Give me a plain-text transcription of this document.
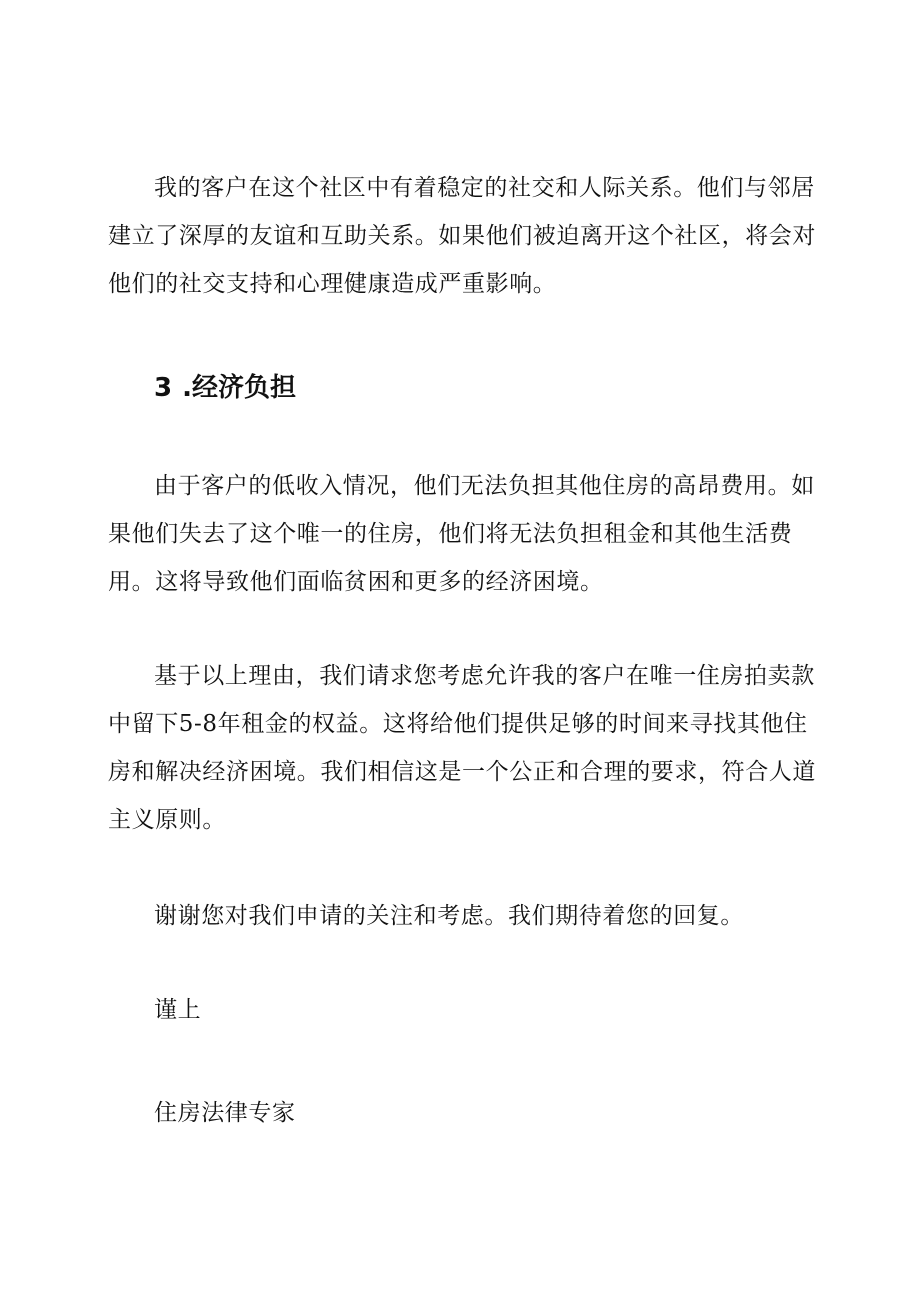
我的客户在这个社区中有着稳定的社交和人际关系。他们与邻居建立了深厚的友谊和互助关系。如果他们被迫离开这个社区，将会对他们的社交支持和心理健康造成严重影响。

3 .经济负担

由于客户的低收入情况，他们无法负担其他住房的高昂费用。如果他们失去了这个唯一的住房，他们将无法负担租金和其他生活费用。这将导致他们面临贫困和更多的经济困境。

基于以上理由，我们请求您考虑允许我的客户在唯一住房拍卖款中留下5-8年租金的权益。这将给他们提供足够的时间来寻找其他住房和解决经济困境。我们相信这是一个公正和合理的要求，符合人道主义原则。

谢谢您对我们申请的关注和考虑。我们期待着您的回复。

谨上

住房法律专家
